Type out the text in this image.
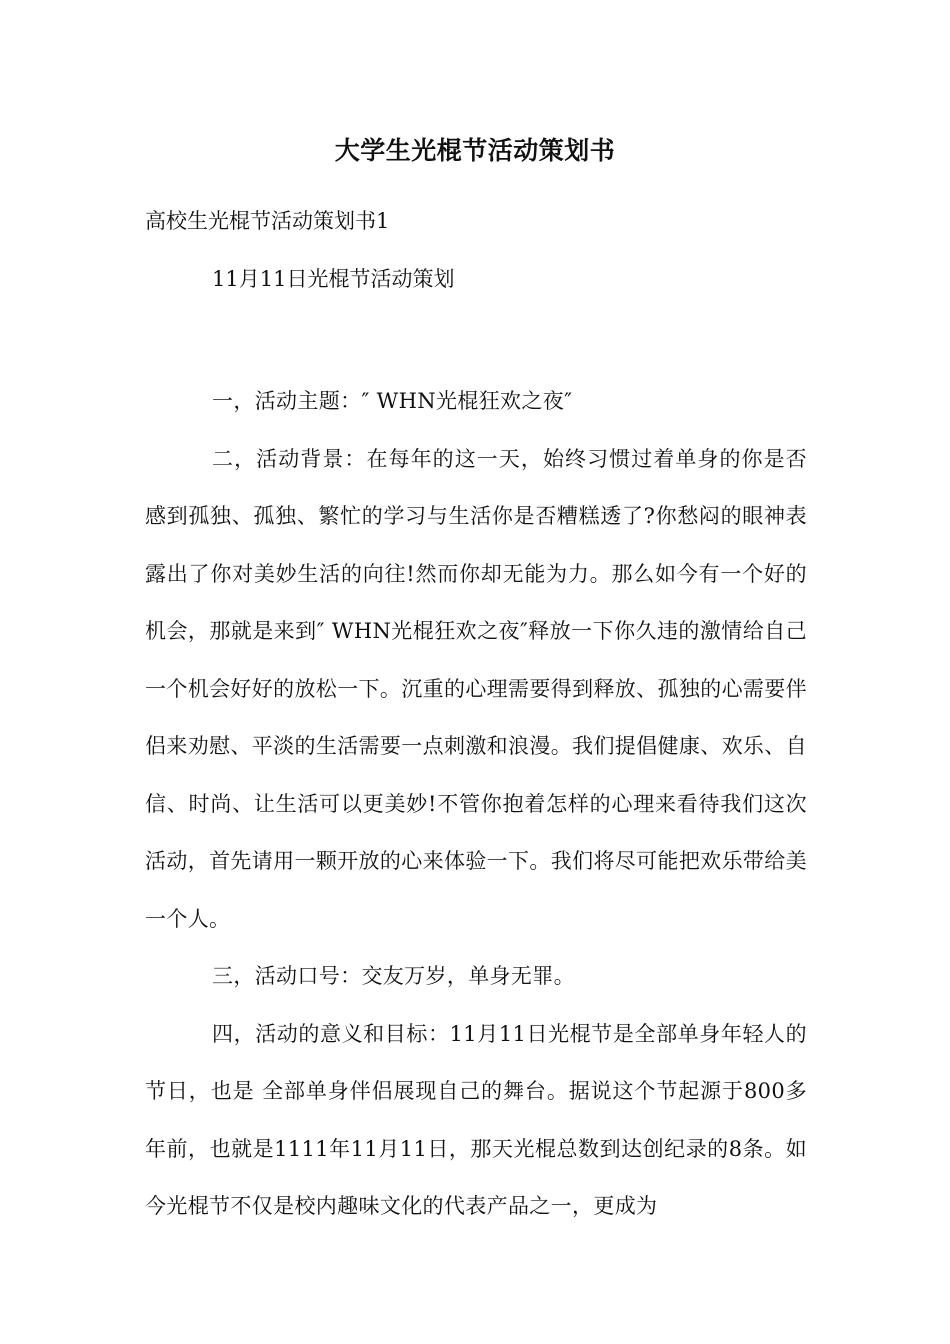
大学生光棍节活动策划书
高校生光棍节活动策划书1
11月11日光棍节活动策划

一，活动主题：″ WHN光棍狂欢之夜″

二，活动背景：在每年的这一天，始终习惯过着单身的你是否感到孤独、孤独、繁忙的学习与生活你是否糟糕透了?你愁闷的眼神表露出了你对美妙生活的向往!然而你却无能为力。那么如今有一个好的机会，那就是来到″ WHN光棍狂欢之夜″释放一下你久违的激情给自己一个机会好好的放松一下。沉重的心理需要得到释放、孤独的心需要伴侣来劝慰、平淡的生活需要一点刺激和浪漫。我们提倡健康、欢乐、自信、时尚、让生活可以更美妙!不管你抱着怎样的心理来看待我们这次活动，首先请用一颗开放的心来体验一下。我们将尽可能把欢乐带给美一个人。

三，活动口号：交友万岁，单身无罪。

四，活动的意义和目标：11月11日光棍节是全部单身年轻人的节日，也是 全部单身伴侣展现自己的舞台。据说这个节起源于800多年前，也就是1111年11月11日，那天光棍总数到达创纪录的8条。如今光棍节不仅是校内趣味文化的代表产品之一，更成为
